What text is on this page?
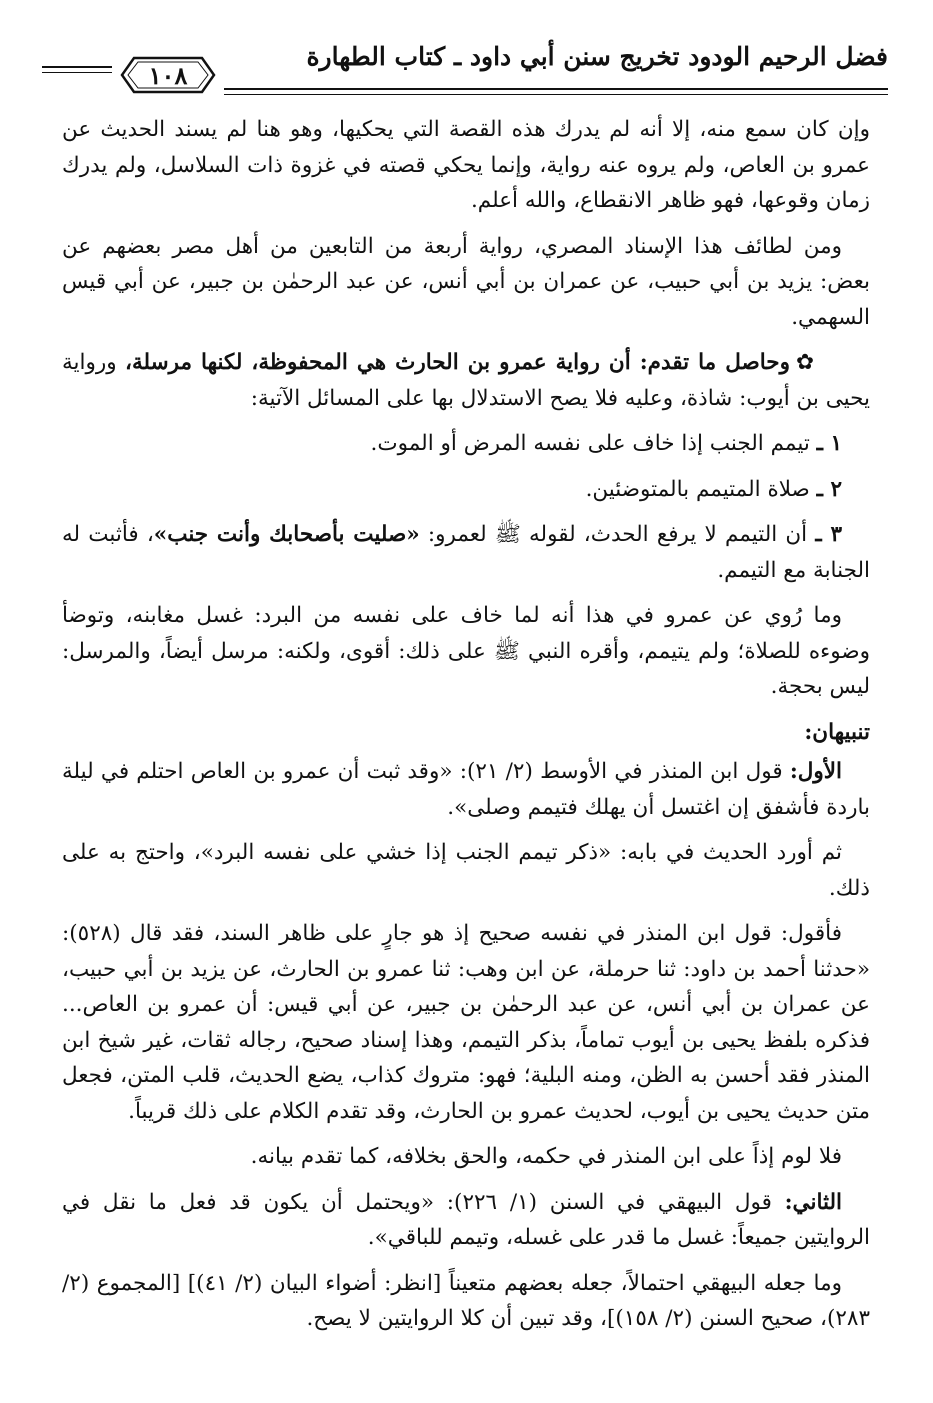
فضل الرحيم الودود تخريج سنن أبي داود ـ كتاب الطهارة
١٠٨

وإن كان سمع منه، إلا أنه لم يدرك هذه القصة التي يحكيها، وهو هنا لم يسند الحديث عن عمرو بن العاص، ولم يروه عنه رواية، وإنما يحكي قصته في غزوة ذات السلاسل، ولم يدرك زمان وقوعها، فهو ظاهر الانقطاع، والله أعلم.

ومن لطائف هذا الإسناد المصري، رواية أربعة من التابعين من أهل مصر بعضهم عن بعض: يزيد بن أبي حبيب، عن عمران بن أبي أنس، عن عبد الرحمٰن بن جبير، عن أبي قيس السهمي.

✿وحاصل ما تقدم: أن رواية عمرو بن الحارث هي المحفوظة، لكنها مرسلة، ورواية يحيى بن أيوب: شاذة، وعليه فلا يصح الاستدلال بها على المسائل الآتية:

١ ـ تيمم الجنب إذا خاف على نفسه المرض أو الموت.

٢ ـ صلاة المتيمم بالمتوضئين.

٣ ـ أن التيمم لا يرفع الحدث، لقوله ﷺ لعمرو: «صليت بأصحابك وأنت جنب»، فأثبت له الجنابة مع التيمم.

وما رُوي عن عمرو في هذا أنه لما خاف على نفسه من البرد: غسل مغابنه، وتوضأ وضوءه للصلاة؛ ولم يتيمم، وأقره النبي ﷺ على ذلك: أقوى، ولكنه: مرسل أيضاً، والمرسل: ليس بحجة.

تنبيهان:

الأول: قول ابن المنذر في الأوسط (٢/ ٢١): «وقد ثبت أن عمرو بن العاص احتلم في ليلة باردة فأشفق إن اغتسل أن يهلك فتيمم وصلى».

ثم أورد الحديث في بابه: «ذكر تيمم الجنب إذا خشي على نفسه البرد»، واحتج به على ذلك.

فأقول: قول ابن المنذر في نفسه صحيح إذ هو جارٍ على ظاهر السند، فقد قال (٥٢٨): «حدثنا أحمد بن داود: ثنا حرملة، عن ابن وهب: ثنا عمرو بن الحارث، عن يزيد بن أبي حبيب، عن عمران بن أبي أنس، عن عبد الرحمٰن بن جبير، عن أبي قيس: أن عمرو بن العاص... فذكره بلفظ يحيى بن أيوب تماماً، بذكر التيمم، وهذا إسناد صحيح، رجاله ثقات، غير شيخ ابن المنذر فقد أحسن به الظن، ومنه البلية؛ فهو: متروك كذاب، يضع الحديث، قلب المتن، فجعل متن حديث يحيى بن أيوب، لحديث عمرو بن الحارث، وقد تقدم الكلام على ذلك قريباً.

فلا لوم إذاً على ابن المنذر في حكمه، والحق بخلافه، كما تقدم بيانه.

الثاني: قول البيهقي في السنن (١/ ٢٢٦): «ويحتمل أن يكون قد فعل ما نقل في الروايتين جميعاً: غسل ما قدر على غسله، وتيمم للباقي».

وما جعله البيهقي احتمالاً، جعله بعضهم متعيناً [انظر: أضواء البيان (٢/ ٤١)] [المجموع (٢/ ٢٨٣)، صحيح السنن (٢/ ١٥٨)]، وقد تبين أن كلا الروايتين لا يصح.
